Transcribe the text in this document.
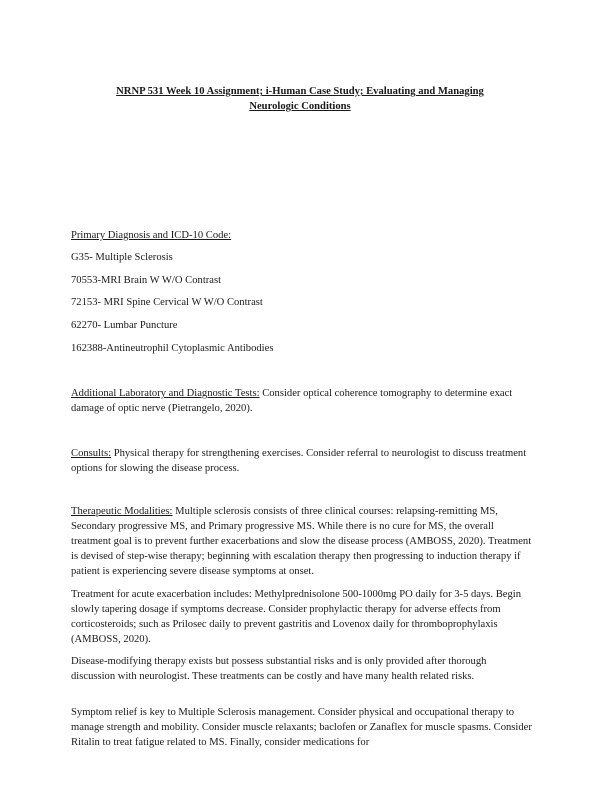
NRNP 531 Week 10 Assignment; i-Human Case Study; Evaluating and Managing
Neurologic Conditions
Primary Diagnosis and ICD-10 Code:
G35- Multiple Sclerosis
70553-MRI Brain W W/O Contrast
72153- MRI Spine Cervical W W/O Contrast
62270- Lumbar Puncture
162388-Antineutrophil Cytoplasmic Antibodies

Additional Laboratory and Diagnostic Tests: Consider optical coherence tomography to determine exact damage of optic nerve (Pietrangelo, 2020).

Consults: Physical therapy for strengthening exercises. Consider referral to neurologist to discuss treatment options for slowing the disease process.

Therapeutic Modalities: Multiple sclerosis consists of three clinical courses: relapsing-remitting MS, Secondary progressive MS, and Primary progressive MS. While there is no cure for MS, the overall treatment goal is to prevent further exacerbations and slow the disease process (AMBOSS, 2020). Treatment is devised of step-wise therapy; beginning with escalation therapy then progressing to induction therapy if patient is experiencing severe disease symptoms at onset.

Treatment for acute exacerbation includes: Methylprednisolone 500-1000mg PO daily for 3-5 days. Begin slowly tapering dosage if symptoms decrease. Consider prophylactic therapy for adverse effects from corticosteroids; such as Prilosec daily to prevent gastritis and Lovenox daily for thromboprophylaxis (AMBOSS, 2020).

Disease-modifying therapy exists but possess substantial risks and is only provided after thorough discussion with neurologist. These treatments can be costly and have many health related risks.

Symptom relief is key to Multiple Sclerosis management. Consider physical and occupational therapy to manage strength and mobility. Consider muscle relaxants; baclofen or Zanaflex for muscle spasms. Consider Ritalin to treat fatigue related to MS. Finally, consider medications for
